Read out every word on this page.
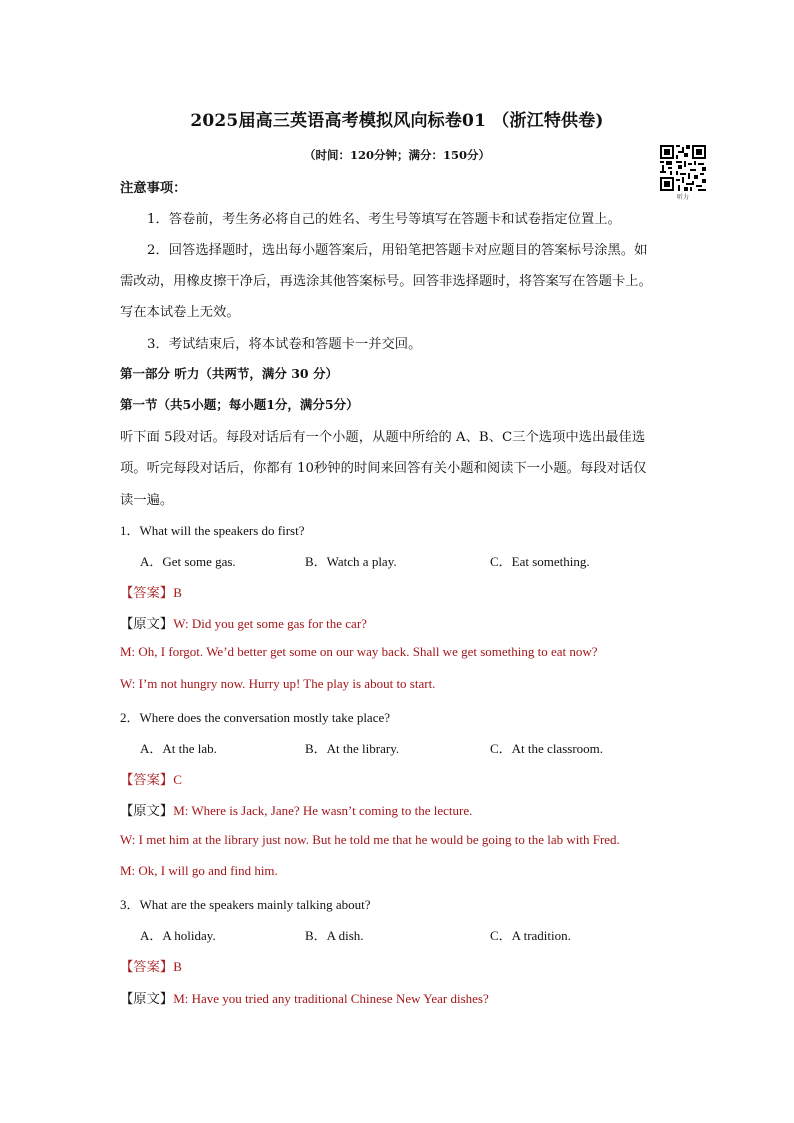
2025届高三英语高考模拟风向标卷01 （浙江特供卷)
（时间：120分钟；满分：150分）
听力
注意事项：
1．答卷前，考生务必将自己的姓名、考生号等填写在答题卡和试卷指定位置上。
2．回答选择题时，选出每小题答案后，用铅笔把答题卡对应题目的答案标号涂黑。如
需改动，用橡皮擦干净后，再选涂其他答案标号。回答非选择题时，将答案写在答题卡上。
写在本试卷上无效。
3．考试结束后，将本试卷和答题卡一并交回。
第一部分 听力（共两节，满分 30 分）
第一节（共5小题；每小题1分，满分5分）
听下面 5段对话。每段对话后有一个小题，从题中所给的 A、B、C三个选项中选出最佳选
项。听完每段对话后，你都有 10秒钟的时间来回答有关小题和阅读下一小题。每段对话仅
读一遍。
1．What will the speakers do first?
A．Get some gas.	B．Watch a play.	C．Eat something.
【答案】B
【原文】W: Did you get some gas for the car?
M: Oh, I forgot. We’d better get some on our way back. Shall we get something to eat now?
W: I’m not hungry now. Hurry up! The play is about to start.
2．Where does the conversation mostly take place?
A．At the lab.	B．At the library.	C．At the classroom.
【答案】C
【原文】M: Where is Jack, Jane? He wasn’t coming to the lecture.
W: I met him at the library just now. But he told me that he would be going to the lab with Fred.
M: Ok, I will go and find him.
3．What are the speakers mainly talking about?
A．A holiday.	B．A dish.	C．A tradition.
【答案】B
【原文】M: Have you tried any traditional Chinese New Year dishes?
